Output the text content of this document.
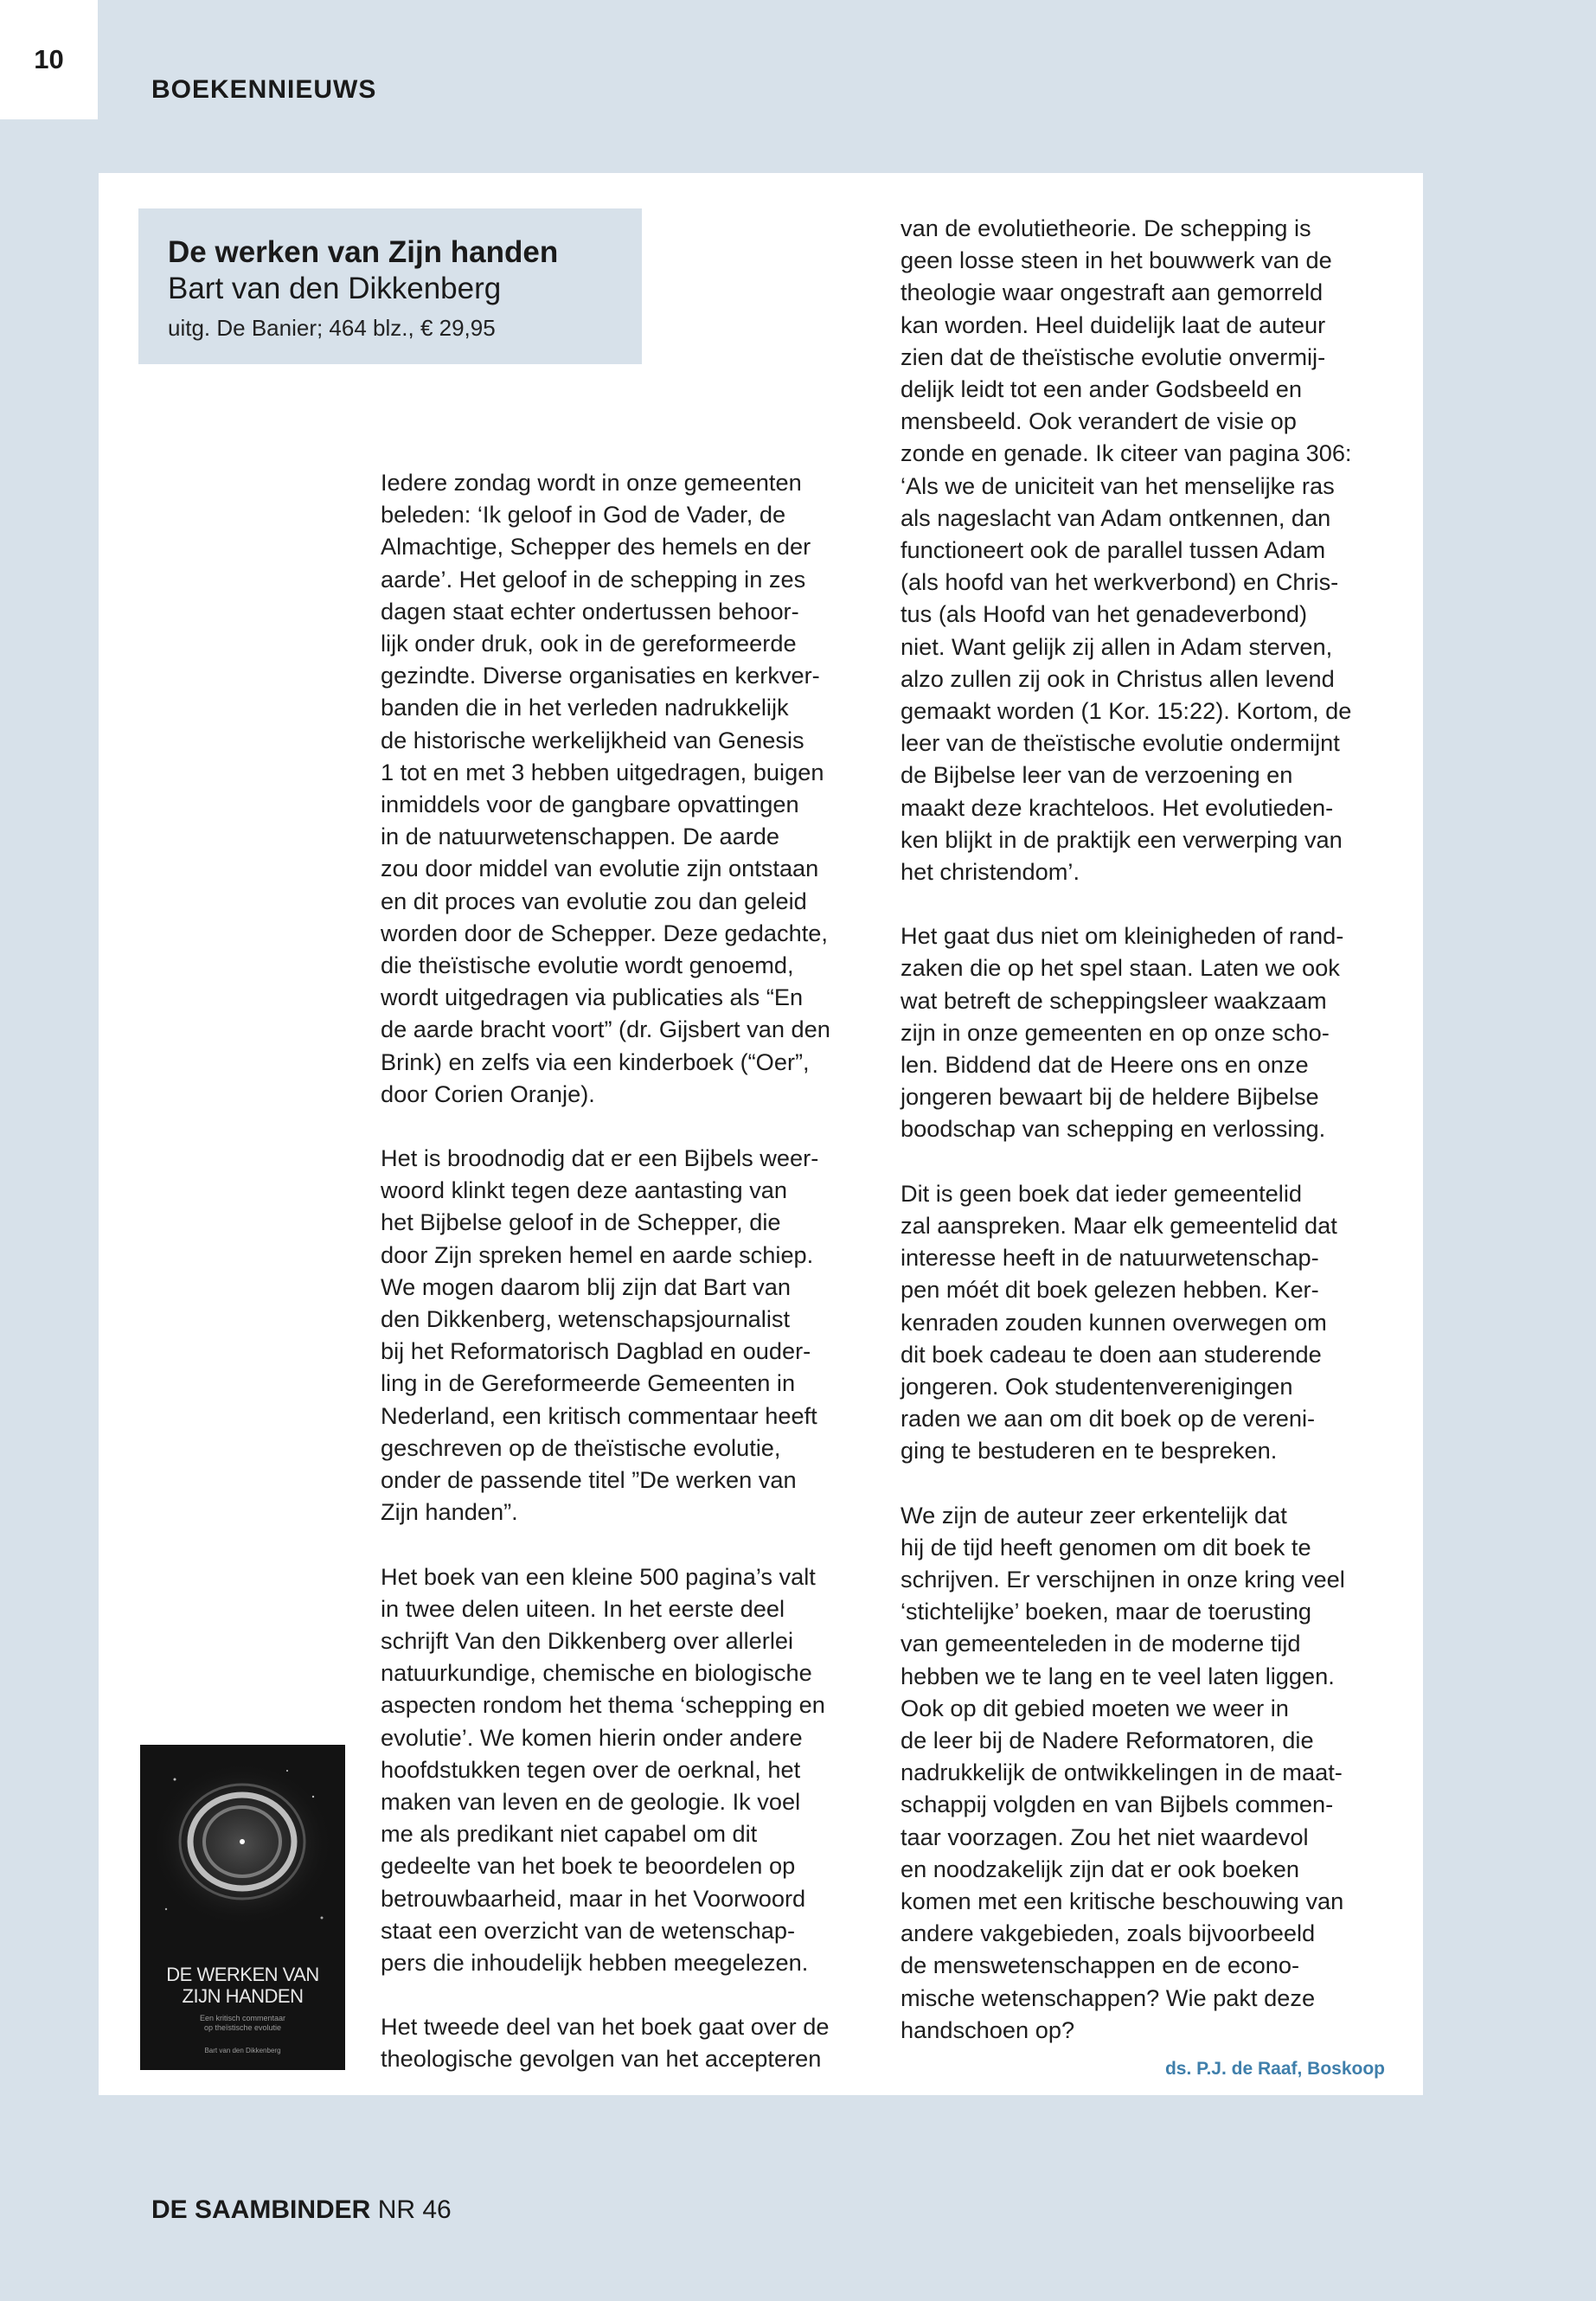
10
BOEKENNIEUWS
De werken van Zijn handen
Bart van den Dikkenberg
uitg. De Banier; 464 blz., € 29,95

Iedere zondag wordt in onze gemeenten
beleden: ‘Ik geloof in God de Vader, de
Almachtige, Schepper des hemels en der
aarde’. Het geloof in de schepping in zes
dagen staat echter ondertussen behoor-
lijk onder druk, ook in de gereformeerde
gezindte. Diverse organisaties en kerkver-
banden die in het verleden nadrukkelijk
de historische werkelijkheid van Genesis
1 tot en met 3 hebben uitgedragen, buigen
inmiddels voor de gangbare opvattingen
in de natuurwetenschappen. De aarde
zou door middel van evolutie zijn ontstaan
en dit proces van evolutie zou dan geleid
worden door de Schepper. Deze gedachte,
die theïstische evolutie wordt genoemd,
wordt uitgedragen via publicaties als “En
de aarde bracht voort” (dr. Gijsbert van den
Brink) en zelfs via een kinderboek (“Oer”,
door Corien Oranje).

Het is broodnodig dat er een Bijbels weer-
woord klinkt tegen deze aantasting van
het Bijbelse geloof in de Schepper, die
door Zijn spreken hemel en aarde schiep.
We mogen daarom blij zijn dat Bart van
den Dikkenberg, wetenschapsjournalist
bij het Reformatorisch Dagblad en ouder-
ling in de Gereformeerde Gemeenten in
Nederland, een kritisch commentaar heeft
geschreven op de theïstische evolutie,
onder de passende titel ”De werken van
Zijn handen”.

Het boek van een kleine 500 pagina’s valt
in twee delen uiteen. In het eerste deel
schrijft Van den Dikkenberg over allerlei
natuurkundige, chemische en biologische
aspecten rondom het thema ‘schepping en
evolutie’. We komen hierin onder andere
hoofdstukken tegen over de oerknal, het
maken van leven en de geologie. Ik voel
me als predikant niet capabel om dit
gedeelte van het boek te beoordelen op
betrouwbaarheid, maar in het Voorwoord
staat een overzicht van de wetenschap-
pers die inhoudelijk hebben meegelezen.

Het tweede deel van het boek gaat over de
theologische gevolgen van het accepteren

van de evolutietheorie. De schepping is
geen losse steen in het bouwwerk van de
theologie waar ongestraft aan gemorreld
kan worden. Heel duidelijk laat de auteur
zien dat de theïstische evolutie onvermij-
delijk leidt tot een ander Godsbeeld en
mensbeeld. Ook verandert de visie op
zonde en genade. Ik citeer van pagina 306:
‘Als we de uniciteit van het menselijke ras
als nageslacht van Adam ontkennen, dan
functioneert ook de parallel tussen Adam
(als hoofd van het werkverbond) en Chris-
tus (als Hoofd van het genadeverbond)
niet. Want gelijk zij allen in Adam sterven,
alzo zullen zij ook in Christus allen levend
gemaakt worden (1 Kor. 15:22). Kortom, de
leer van de theïstische evolutie ondermijnt
de Bijbelse leer van de verzoening en
maakt deze krachteloos. Het evolutieden-
ken blijkt in de praktijk een verwerping van
het christendom’.

Het gaat dus niet om kleinigheden of rand-
zaken die op het spel staan. Laten we ook
wat betreft de scheppingsleer waakzaam
zijn in onze gemeenten en op onze scho-
len. Biddend dat de Heere ons en onze
jongeren bewaart bij de heldere Bijbelse
boodschap van schepping en verlossing.

Dit is geen boek dat ieder gemeentelid
zal aanspreken. Maar elk gemeentelid dat
interesse heeft in de natuurwetenschap-
pen móét dit boek gelezen hebben. Ker-
kenraden zouden kunnen overwegen om
dit boek cadeau te doen aan studerende
jongeren. Ook studentenverenigingen
raden we aan om dit boek op de vereni-
ging te bestuderen en te bespreken.

We zijn de auteur zeer erkentelijk dat
hij de tijd heeft genomen om dit boek te
schrijven. Er verschijnen in onze kring veel
‘stichtelijke’ boeken, maar de toerusting
van gemeenteleden in de moderne tijd
hebben we te lang en te veel laten liggen.
Ook op dit gebied moeten we weer in
de leer bij de Nadere Reformatoren, die
nadrukkelijk de ontwikkelingen in de maat-
schappij volgden en van Bijbels commen-
taar voorzagen. Zou het niet waardevol
en noodzakelijk zijn dat er ook boeken
komen met een kritische beschouwing van
andere vakgebieden, zoals bijvoorbeeld
de menswetenschappen en de econo-
mische wetenschappen? Wie pakt deze
handschoen op?

ds. P.J. de Raaf, Boskoop
DE WERKEN VAN
ZIJN HANDEN
Een kritisch commentaar
op theïstische evolutie
Bart van den Dikkenberg
DE SAAMBINDER NR 46
